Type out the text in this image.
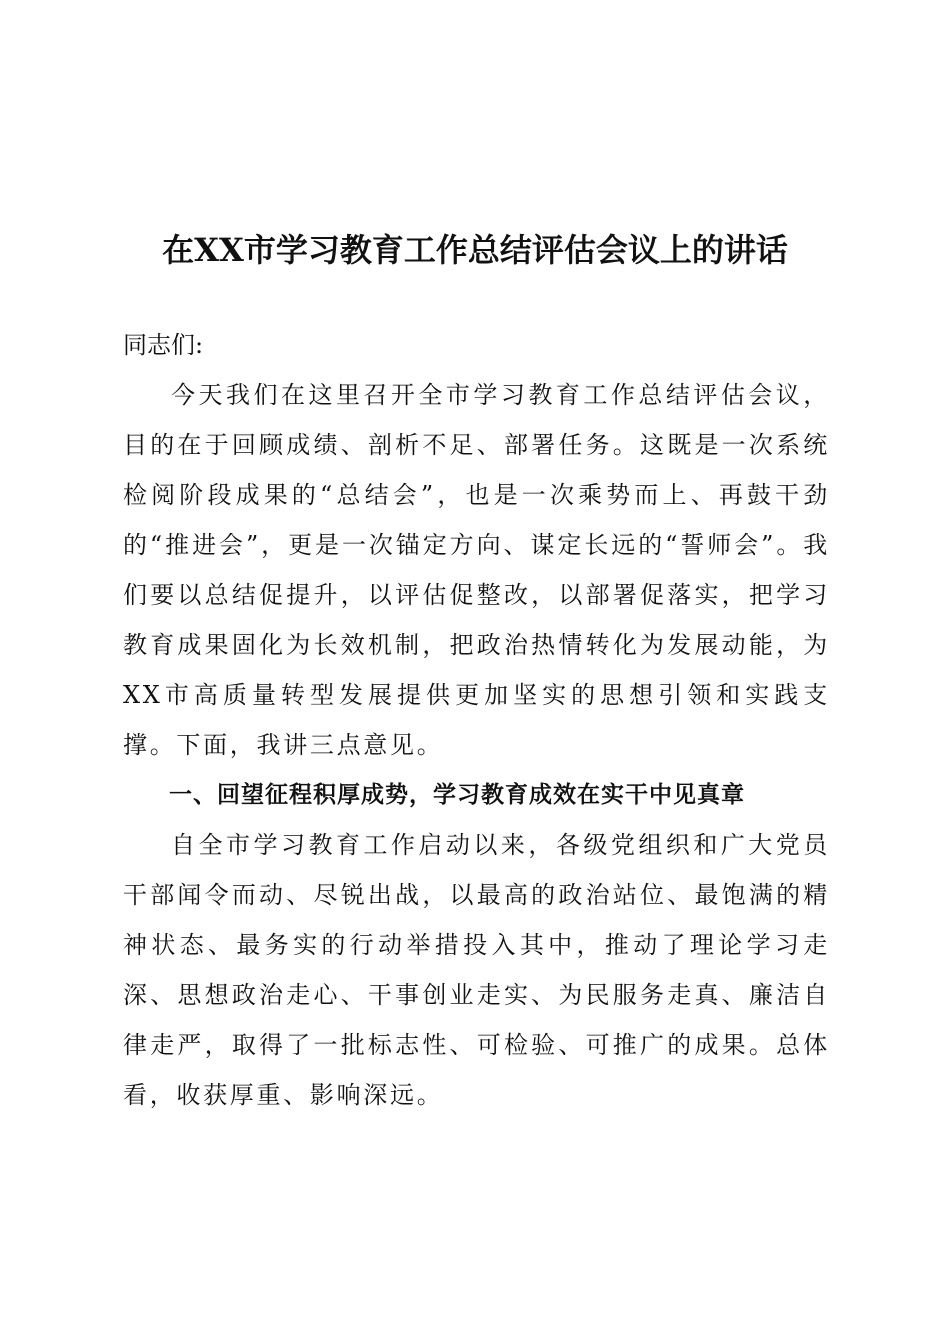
在XX市学习教育工作总结评估会议上的讲话

同志们:

今天我们在这里召开全市学习教育工作总结评估会议，目的在于回顾成绩、剖析不足、部署任务。这既是一次系统检阅阶段成果的“总结会”，也是一次乘势而上、再鼓干劲的“推进会”，更是一次锚定方向、谋定长远的“誓师会”。我们要以总结促提升，以评估促整改，以部署促落实，把学习教育成果固化为长效机制，把政治热情转化为发展动能，为XX市高质量转型发展提供更加坚实的思想引领和实践支撑。下面，我讲三点意见。

一、回望征程积厚成势，学习教育成效在实干中见真章

自全市学习教育工作启动以来，各级党组织和广大党员干部闻令而动、尽锐出战，以最高的政治站位、最饱满的精神状态、最务实的行动举措投入其中，推动了理论学习走深、思想政治走心、干事创业走实、为民服务走真、廉洁自律走严，取得了一批标志性、可检验、可推广的成果。总体看，收获厚重、影响深远。
